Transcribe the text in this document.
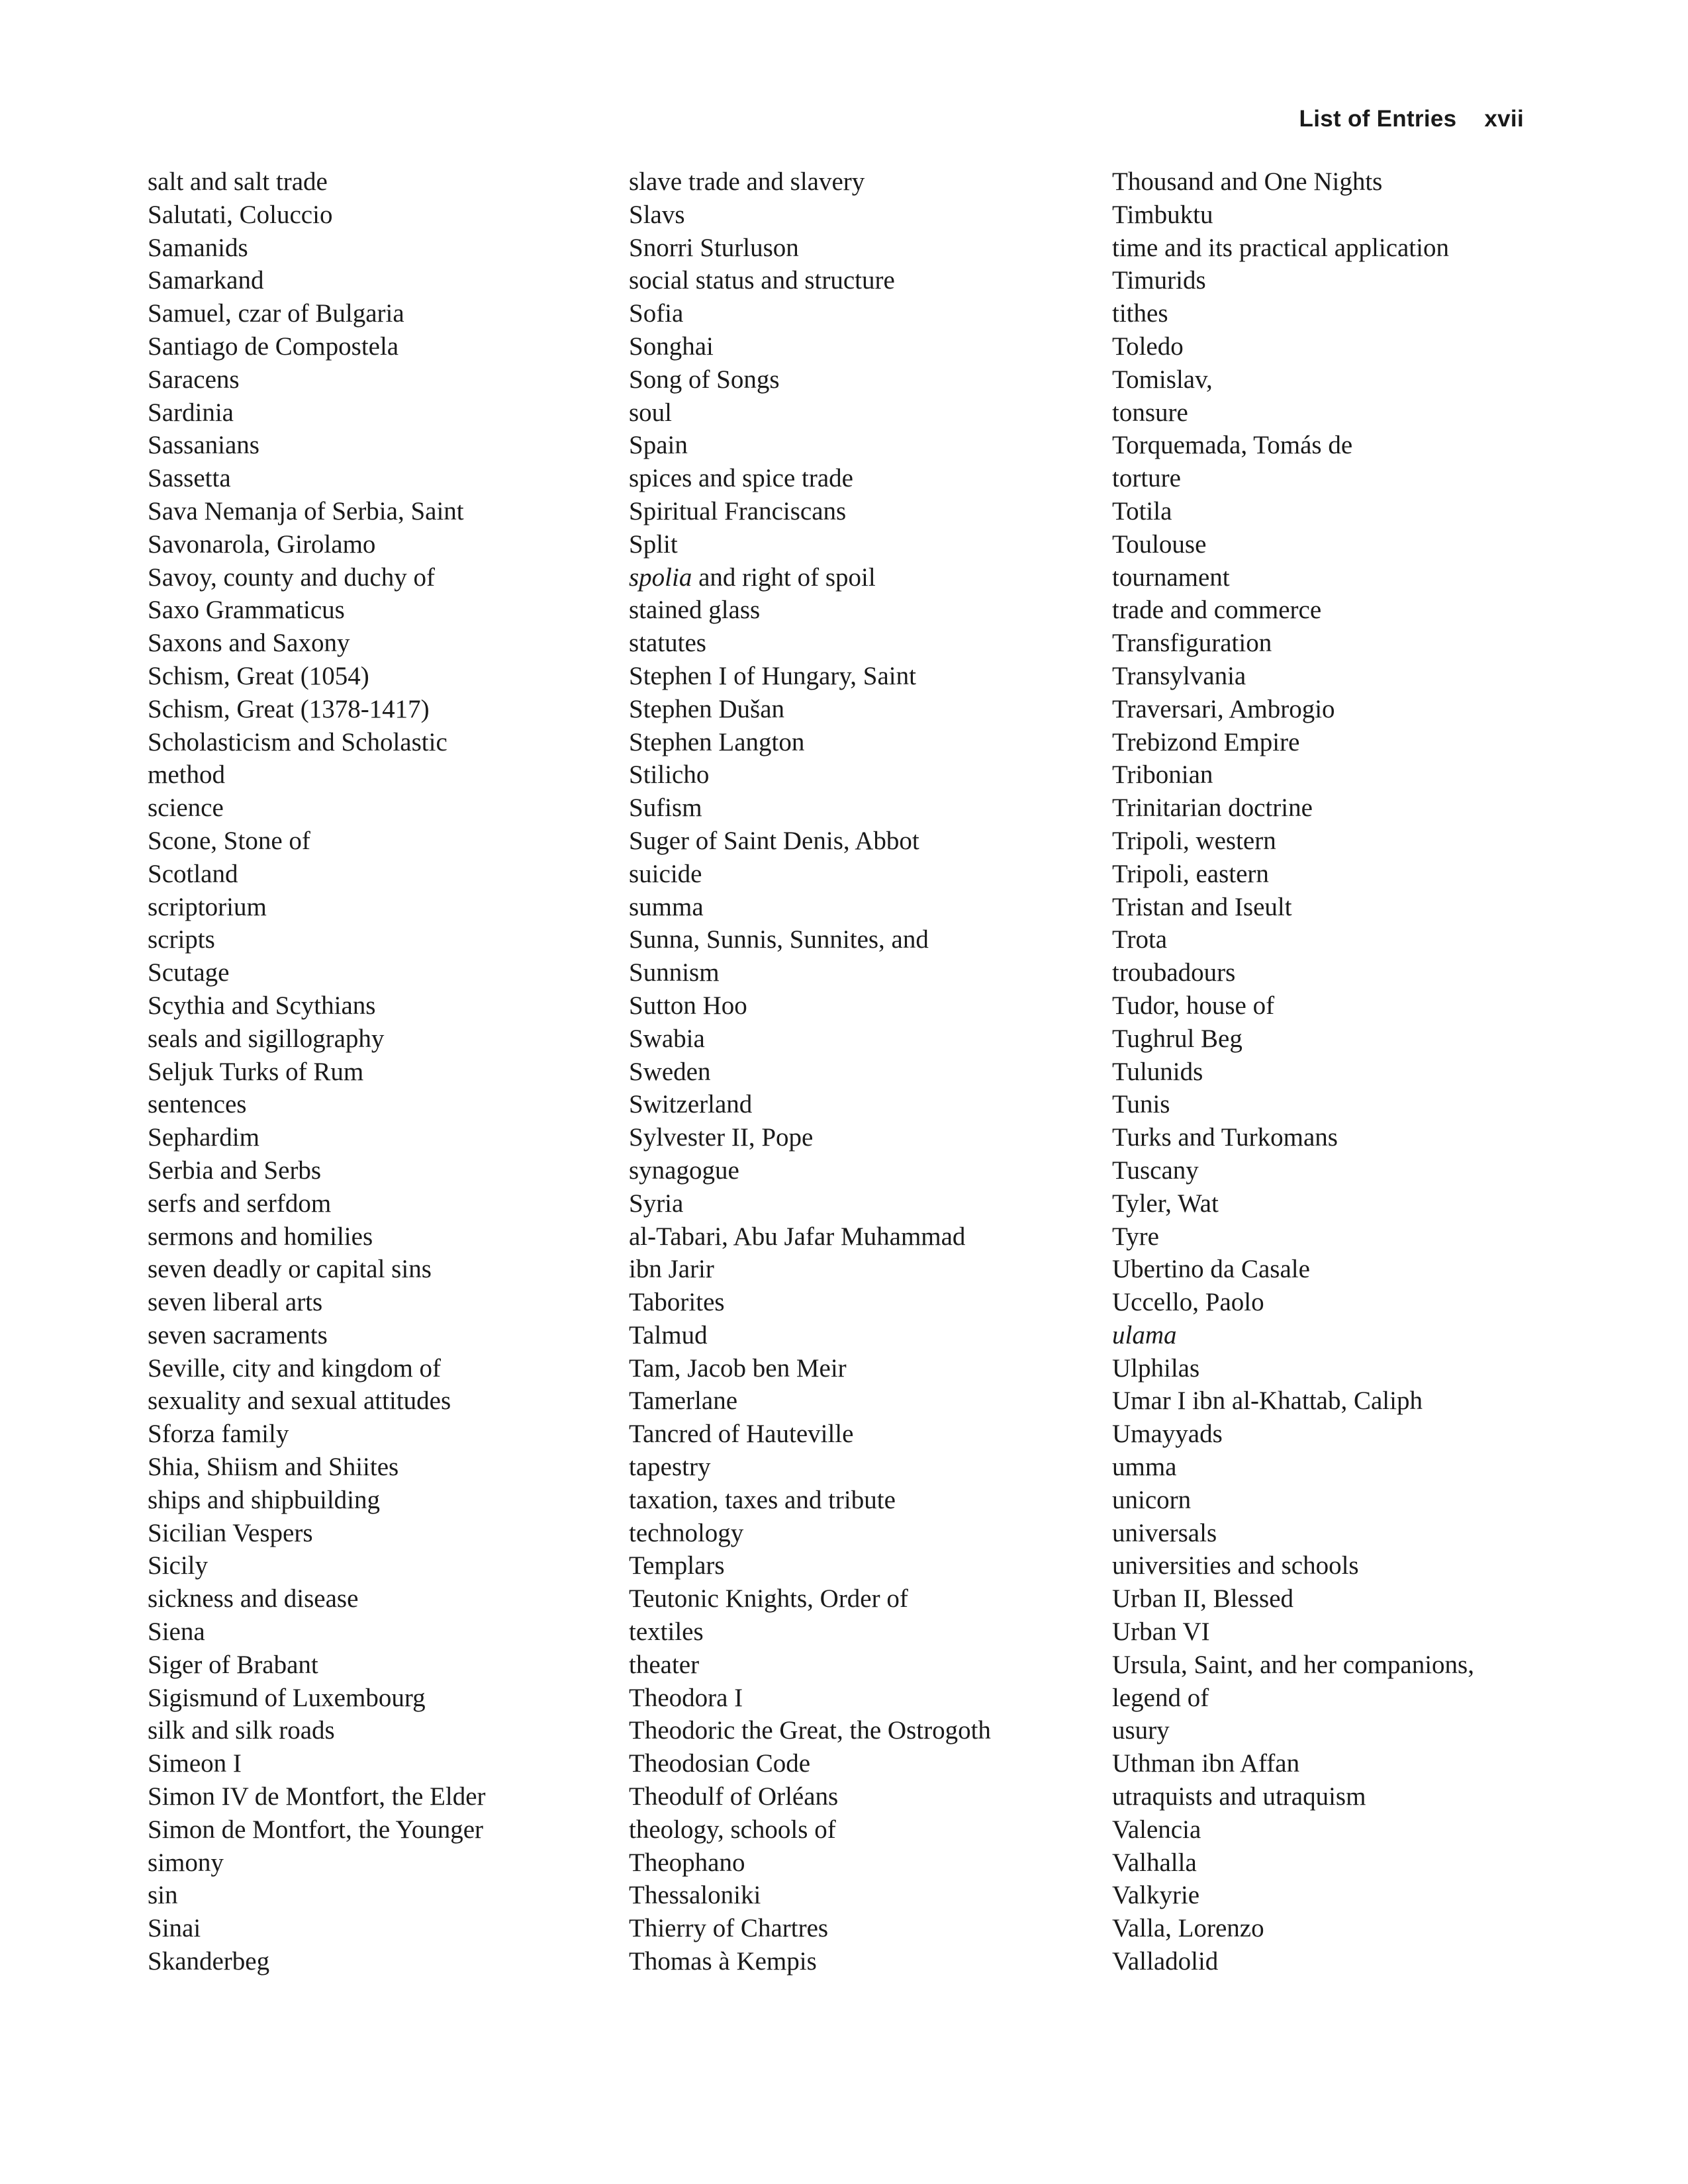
List of Entries xvii
salt and salt trade
Salutati, Coluccio
Samanids
Samarkand
Samuel, czar of Bulgaria
Santiago de Compostela
Saracens
Sardinia
Sassanians
Sassetta
Sava Nemanja of Serbia, Saint
Savonarola, Girolamo
Savoy, county and duchy of
Saxo Grammaticus
Saxons and Saxony
Schism, Great (1054)
Schism, Great (1378-1417)
Scholasticism and Scholastic
method
science
Scone, Stone of
Scotland
scriptorium
scripts
Scutage
Scythia and Scythians
seals and sigillography
Seljuk Turks of Rum
sentences
Sephardim
Serbia and Serbs
serfs and serfdom
sermons and homilies
seven deadly or capital sins
seven liberal arts
seven sacraments
Seville, city and kingdom of
sexuality and sexual attitudes
Sforza family
Shia, Shiism and Shiites
ships and shipbuilding
Sicilian Vespers
Sicily
sickness and disease
Siena
Siger of Brabant
Sigismund of Luxembourg
silk and silk roads
Simeon I
Simon IV de Montfort, the Elder
Simon de Montfort, the Younger
simony
sin
Sinai
Skanderbeg
slave trade and slavery
Slavs
Snorri Sturluson
social status and structure
Sofia
Songhai
Song of Songs
soul
Spain
spices and spice trade
Spiritual Franciscans
Split
spolia and right of spoil
stained glass
statutes
Stephen I of Hungary, Saint
Stephen Dušan
Stephen Langton
Stilicho
Sufism
Suger of Saint Denis, Abbot
suicide
summa
Sunna, Sunnis, Sunnites, and
Sunnism
Sutton Hoo
Swabia
Sweden
Switzerland
Sylvester II, Pope
synagogue
Syria
al-Tabari, Abu Jafar Muhammad
ibn Jarir
Taborites
Talmud
Tam, Jacob ben Meir
Tamerlane
Tancred of Hauteville
tapestry
taxation, taxes and tribute
technology
Templars
Teutonic Knights, Order of
textiles
theater
Theodora I
Theodoric the Great, the Ostrogoth
Theodosian Code
Theodulf of Orléans
theology, schools of
Theophano
Thessaloniki
Thierry of Chartres
Thomas à Kempis
Thousand and One Nights
Timbuktu
time and its practical application
Timurids
tithes
Toledo
Tomislav,
tonsure
Torquemada, Tomás de
torture
Totila
Toulouse
tournament
trade and commerce
Transfiguration
Transylvania
Traversari, Ambrogio
Trebizond Empire
Tribonian
Trinitarian doctrine
Tripoli, western
Tripoli, eastern
Tristan and Iseult
Trota
troubadours
Tudor, house of
Tughrul Beg
Tulunids
Tunis
Turks and Turkomans
Tuscany
Tyler, Wat
Tyre
Ubertino da Casale
Uccello, Paolo
ulama
Ulphilas
Umar I ibn al-Khattab, Caliph
Umayyads
umma
unicorn
universals
universities and schools
Urban II, Blessed
Urban VI
Ursula, Saint, and her companions,
legend of
usury
Uthman ibn Affan
utraquists and utraquism
Valencia
Valhalla
Valkyrie
Valla, Lorenzo
Valladolid
